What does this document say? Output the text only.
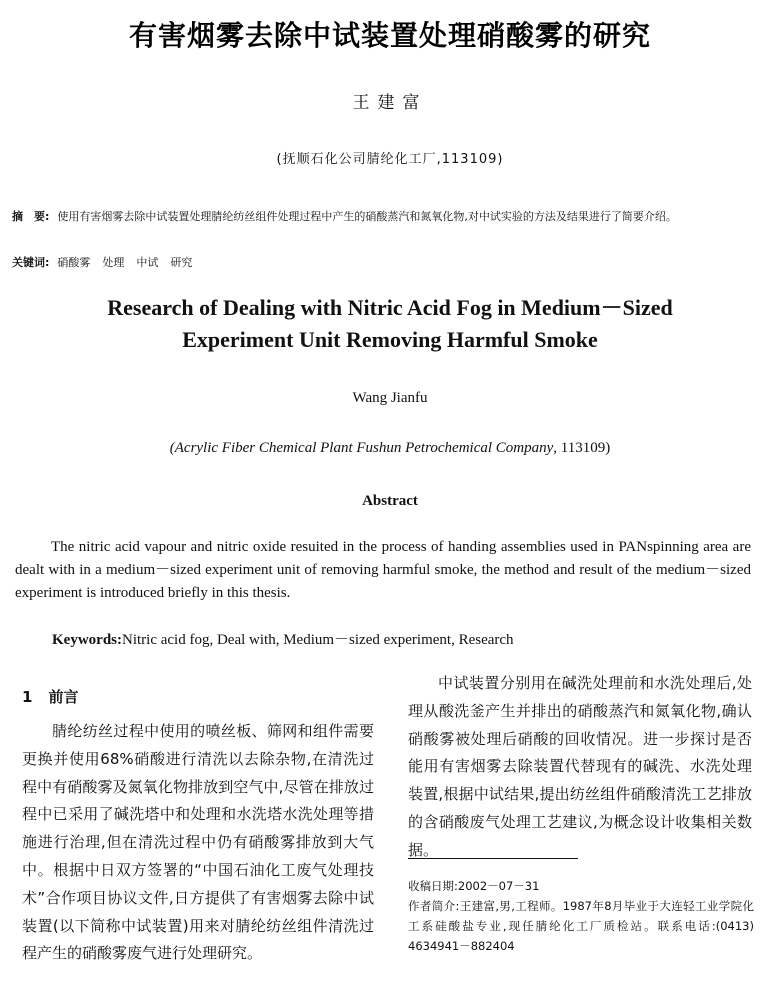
有害烟雾去除中试装置处理硝酸雾的研究
王建富
(抚顺石化公司腈纶化工厂,113109)
摘　要: 使用有害烟雾去除中试装置处理腈纶纺丝组件处理过程中产生的硝酸蒸汽和氮氧化物,对中试实验的方法及结果进行了简要介绍。
关键词: 硝酸雾 处理 中试 研究
Research of Dealing with Nitric Acid Fog in Medium－Sized
Experiment Unit Removing Harmful Smoke
Wang Jianfu
(Acrylic Fiber Chemical Plant Fushun Petrochemical Company, 113109)
Abstract

The nitric acid vapour and nitric oxide resuited in the process of handing assemblies used in PANspinning area are dealt with in a medium－sized experiment unit of removing harmful smoke, the method and result of the medium－sized experiment is introduced briefly in this thesis.

Keywords:Nitric acid fog, Deal with, Medium－sized experiment, Research
1 前言

腈纶纺丝过程中使用的喷丝板、筛网和组件需要更换并使用68%硝酸进行清洗以去除杂物,在清洗过程中有硝酸雾及氮氧化物排放到空气中,尽管在排放过程中已采用了碱洗塔中和处理和水洗塔水洗处理等措施进行治理,但在清洗过程中仍有硝酸雾排放到大气中。根据中日双方签署的“中国石油化工废气处理技术”合作项目协议文件,日方提供了有害烟雾去除中试装置(以下简称中试装置)用来对腈纶纺丝组件清洗过程产生的硝酸雾废气进行处理研究。

中试装置分别用在碱洗处理前和水洗处理后,处理从酸洗釜产生并排出的硝酸蒸汽和氮氧化物,确认硝酸雾被处理后硝酸的回收情况。进一步探讨是否能用有害烟雾去除装置代替现有的碱洗、水洗处理装置,根据中试结果,提出纺丝组件硝酸清洗工艺排放的含硝酸废气处理工艺建议,为概念设计收集相关数据。

收稿日期:2002－07－31
作者简介:王建富,男,工程师。1987年8月毕业于大连轻工业学院化工系硅酸盐专业,现任腈纶化工厂质检站。联系电话:(0413) 4634941－882404
